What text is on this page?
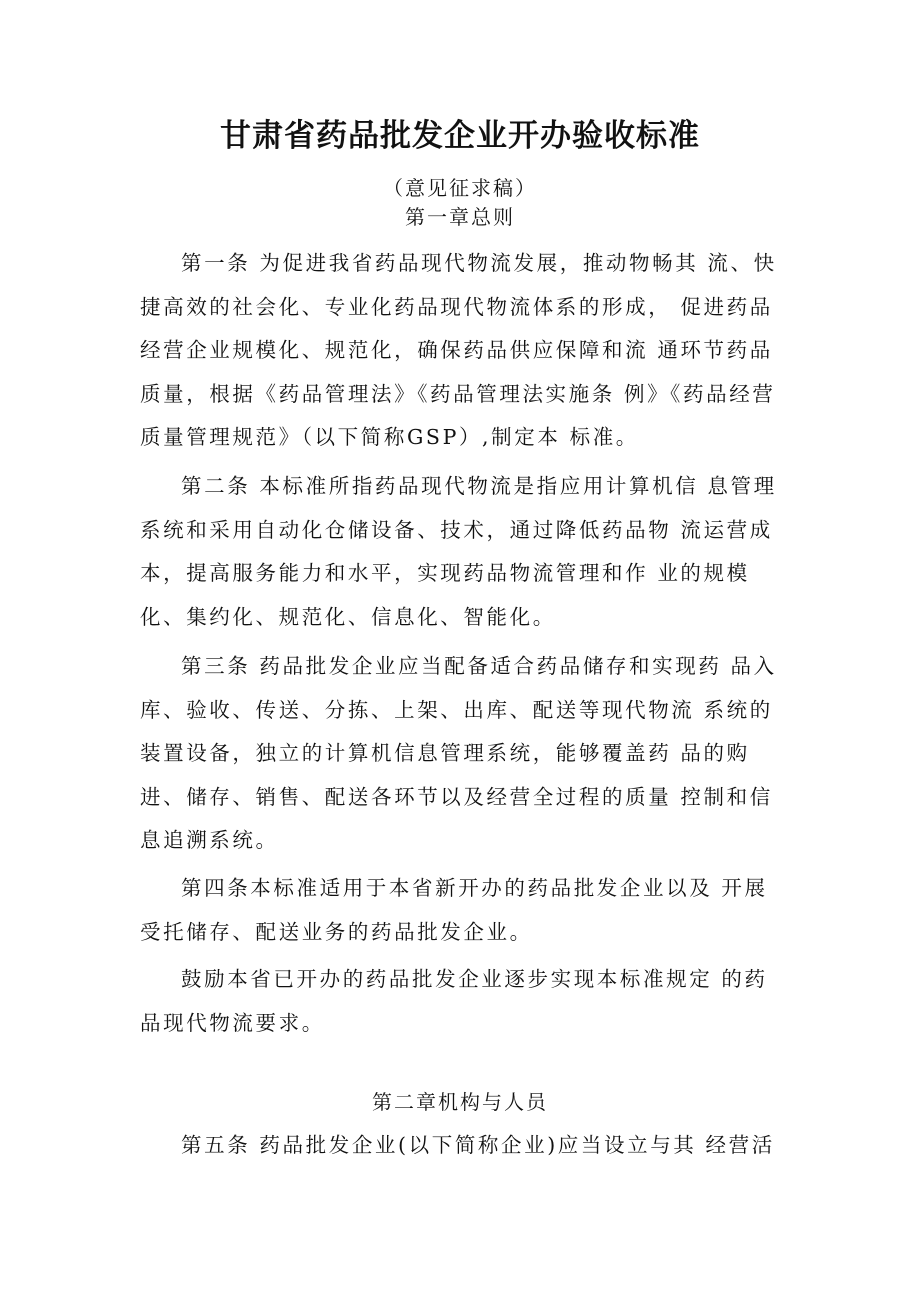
甘肃省药品批发企业开办验收标准
（意见征求稿）
第一章总则

第一条 为促进我省药品现代物流发展，推动物畅其 流、快捷高效的社会化、专业化药品现代物流体系的形成， 促进药品经营企业规模化、规范化，确保药品供应保障和流 通环节药品质量，根据《药品管理法》《药品管理法实施条 例》《药品经营质量管理规范》（以下简称GSP）,制定本 标准。

第二条 本标准所指药品现代物流是指应用计算机信 息管理系统和采用自动化仓储设备、技术，通过降低药品物 流运营成本，提高服务能力和水平，实现药品物流管理和作 业的规模化、集约化、规范化、信息化、智能化。

第三条 药品批发企业应当配备适合药品储存和实现药 品入库、验收、传送、分拣、上架、出库、配送等现代物流 系统的装置设备，独立的计算机信息管理系统，能够覆盖药 品的购进、储存、销售、配送各环节以及经营全过程的质量 控制和信息追溯系统。

第四条本标准适用于本省新开办的药品批发企业以及 开展受托储存、配送业务的药品批发企业。

鼓励本省已开办的药品批发企业逐步实现本标准规定 的药品现代物流要求。

第二章机构与人员

第五条 药品批发企业(以下简称企业)应当设立与其 经营活
